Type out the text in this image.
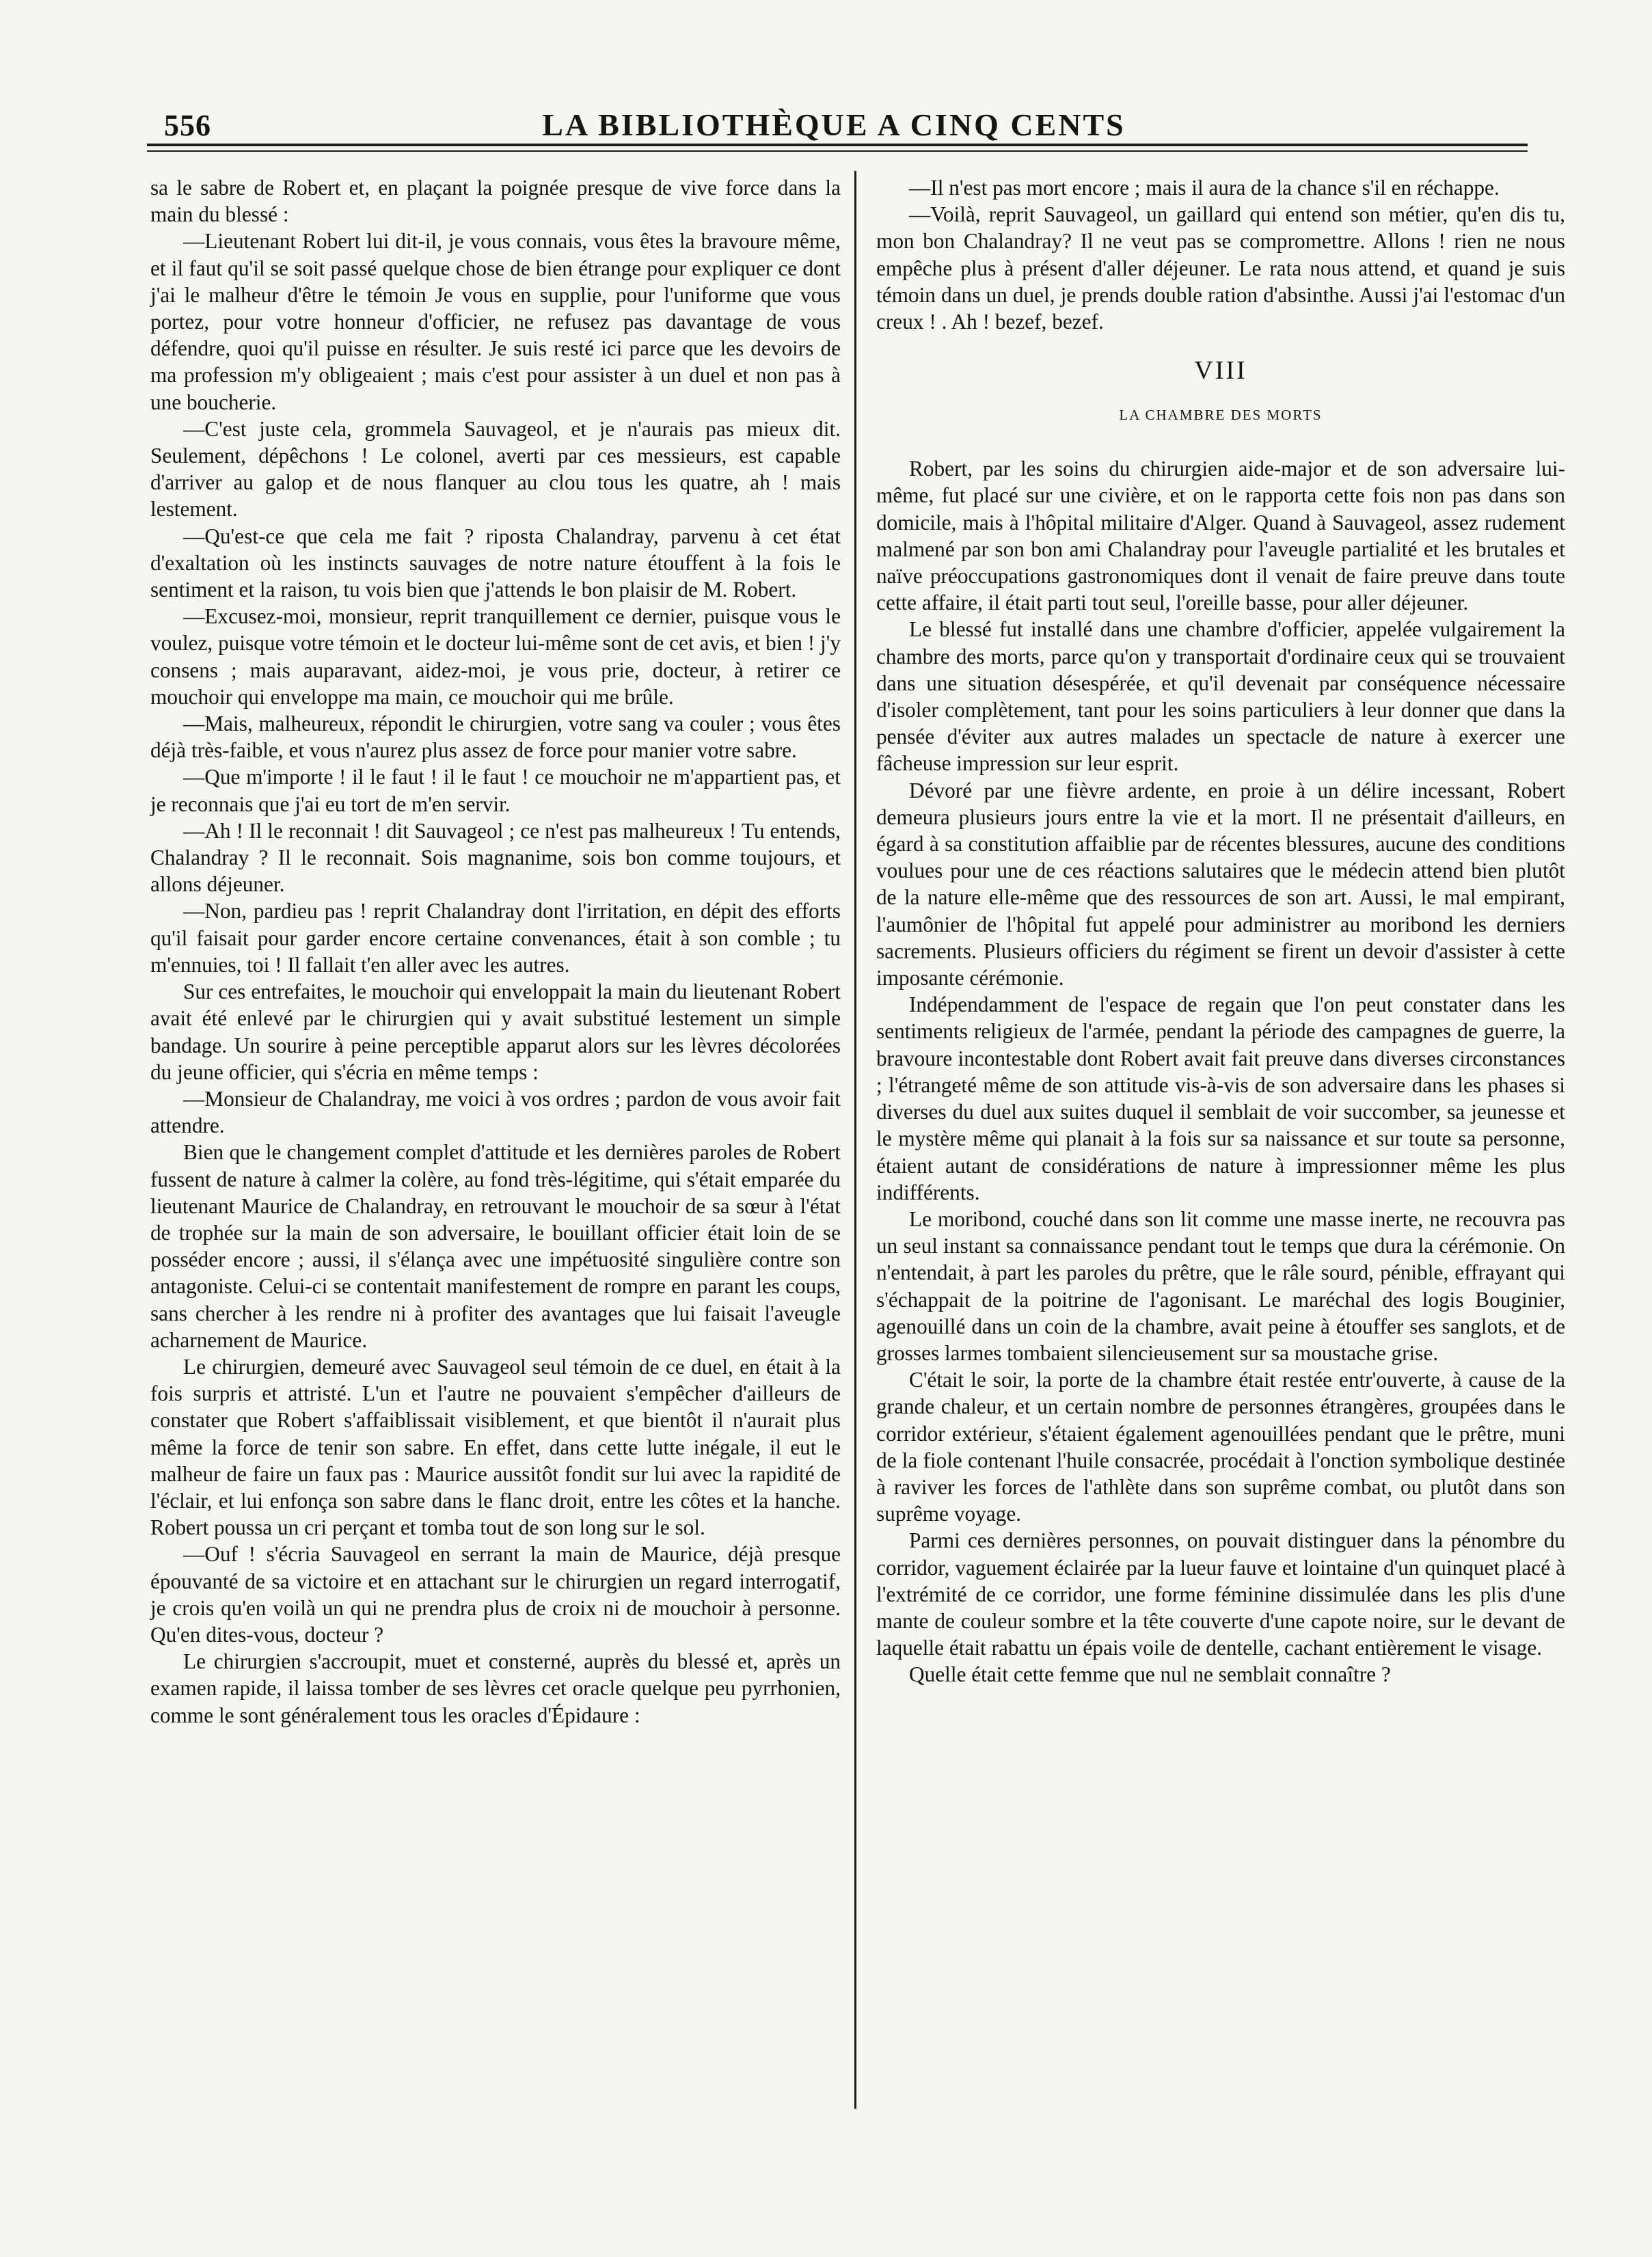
556	LA BIBLIOTHÈQUE A CINQ CENTS

sa le sabre de Robert et, en plaçant la poignée presque de vive force dans la main du blessé :

—Lieutenant Robert lui dit-il, je vous connais, vous êtes la bravoure même, et il faut qu'il se soit passé quelque chose de bien étrange pour expliquer ce dont j'ai le malheur d'être le témoin Je vous en supplie, pour l'uniforme que vous portez, pour votre honneur d'officier, ne refusez pas davantage de vous défendre, quoi qu'il puisse en résulter. Je suis resté ici parce que les devoirs de ma profession m'y obligeaient ; mais c'est pour assister à un duel et non pas à une boucherie.

—C'est juste cela, grommela Sauvageol, et je n'aurais pas mieux dit. Seulement, dépêchons ! Le colonel, averti par ces messieurs, est capable d'arriver au galop et de nous flanquer au clou tous les quatre, ah ! mais lestement.

—Qu'est-ce que cela me fait ? riposta Chalandray, parvenu à cet état d'exaltation où les instincts sauvages de notre nature étouffent à la fois le sentiment et la raison, tu vois bien que j'attends le bon plaisir de M. Robert.

—Excusez-moi, monsieur, reprit tranquillement ce dernier, puisque vous le voulez, puisque votre témoin et le docteur lui-même sont de cet avis, et bien ! j'y consens ; mais auparavant, aidez-moi, je vous prie, docteur, à retirer ce mouchoir qui enveloppe ma main, ce mouchoir qui me brûle.

—Mais, malheureux, répondit le chirurgien, votre sang va couler ; vous êtes déjà très-faible, et vous n'aurez plus assez de force pour manier votre sabre.

—Que m'importe ! il le faut ! il le faut ! ce mouchoir ne m'appartient pas, et je reconnais que j'ai eu tort de m'en servir.

—Ah ! Il le reconnait ! dit Sauvageol ; ce n'est pas malheureux ! Tu entends, Chalandray ? Il le reconnait. Sois magnanime, sois bon comme toujours, et allons déjeuner.

—Non, pardieu pas ! reprit Chalandray dont l'irritation, en dépit des efforts qu'il faisait pour garder encore certaine convenances, était à son comble ; tu m'ennuies, toi ! Il fallait t'en aller avec les autres.

Sur ces entrefaites, le mouchoir qui enveloppait la main du lieutenant Robert avait été enlevé par le chirurgien qui y avait substitué lestement un simple bandage. Un sourire à peine perceptible apparut alors sur les lèvres décolorées du jeune officier, qui s'écria en même temps :

—Monsieur de Chalandray, me voici à vos ordres ; pardon de vous avoir fait attendre.

Bien que le changement complet d'attitude et les dernières paroles de Robert fussent de nature à calmer la colère, au fond très-légitime, qui s'était emparée du lieutenant Maurice de Chalandray, en retrouvant le mouchoir de sa sœur à l'état de trophée sur la main de son adversaire, le bouillant officier était loin de se posséder encore ; aussi, il s'élança avec une impétuosité singulière contre son antagoniste. Celui-ci se contentait manifestement de rompre en parant les coups, sans chercher à les rendre ni à profiter des avantages que lui faisait l'aveugle acharnement de Maurice.

Le chirurgien, demeuré avec Sauvageol seul témoin de ce duel, en était à la fois surpris et attristé. L'un et l'autre ne pouvaient s'empêcher d'ailleurs de constater que Robert s'affaiblissait visiblement, et que bientôt il n'aurait plus même la force de tenir son sabre. En effet, dans cette lutte inégale, il eut le malheur de faire un faux pas : Maurice aussitôt fondit sur lui avec la rapidité de l'éclair, et lui enfonça son sabre dans le flanc droit, entre les côtes et la hanche. Robert poussa un cri perçant et tomba tout de son long sur le sol.

—Ouf ! s'écria Sauvageol en serrant la main de Maurice, déjà presque épouvanté de sa victoire et en attachant sur le chirurgien un regard interrogatif, je crois qu'en voilà un qui ne prendra plus de croix ni de mouchoir à personne. Qu'en dites-vous, docteur ?

Le chirurgien s'accroupit, muet et consterné, auprès du blessé et, après un examen rapide, il laissa tomber de ses lèvres cet oracle quelque peu pyrrhonien, comme le sont généralement tous les oracles d'Épidaure :

—Il n'est pas mort encore ; mais il aura de la chance s'il en réchappe.

—Voilà, reprit Sauvageol, un gaillard qui entend son métier, qu'en dis tu, mon bon Chalandray? Il ne veut pas se compromettre. Allons ! rien ne nous empêche plus à présent d'aller déjeuner. Le rata nous attend, et quand je suis témoin dans un duel, je prends double ration d'absinthe. Aussi j'ai l'estomac d'un creux ! . Ah ! bezef, bezef.

VIII
LA CHAMBRE DES MORTS

Robert, par les soins du chirurgien aide-major et de son adversaire lui-même, fut placé sur une civière, et on le rapporta cette fois non pas dans son domicile, mais à l'hôpital militaire d'Alger. Quand à Sauvageol, assez rudement malmené par son bon ami Chalandray pour l'aveugle partialité et les brutales et naïve préoccupations gastronomiques dont il venait de faire preuve dans toute cette affaire, il était parti tout seul, l'oreille basse, pour aller déjeuner.

Le blessé fut installé dans une chambre d'officier, appelée vulgairement la chambre des morts, parce qu'on y transportait d'ordinaire ceux qui se trouvaient dans une situation désespérée, et qu'il devenait par conséquence nécessaire d'isoler complètement, tant pour les soins particuliers à leur donner que dans la pensée d'éviter aux autres malades un spectacle de nature à exercer une fâcheuse impression sur leur esprit.

Dévoré par une fièvre ardente, en proie à un délire incessant, Robert demeura plusieurs jours entre la vie et la mort. Il ne présentait d'ailleurs, en égard à sa constitution affaiblie par de récentes blessures, aucune des conditions voulues pour une de ces réactions salutaires que le médecin attend bien plutôt de la nature elle-même que des ressources de son art. Aussi, le mal empirant, l'aumônier de l'hôpital fut appelé pour administrer au moribond les derniers sacrements. Plusieurs officiers du régiment se firent un devoir d'assister à cette imposante cérémonie.

Indépendamment de l'espace de regain que l'on peut constater dans les sentiments religieux de l'armée, pendant la période des campagnes de guerre, la bravoure incontestable dont Robert avait fait preuve dans diverses circonstances ; l'étrangeté même de son attitude vis-à-vis de son adversaire dans les phases si diverses du duel aux suites duquel il semblait de voir succomber, sa jeunesse et le mystère même qui planait à la fois sur sa naissance et sur toute sa personne, étaient autant de considérations de nature à impressionner même les plus indifférents.

Le moribond, couché dans son lit comme une masse inerte, ne recouvra pas un seul instant sa connaissance pendant tout le temps que dura la cérémonie. On n'entendait, à part les paroles du prêtre, que le râle sourd, pénible, effrayant qui s'échappait de la poitrine de l'agonisant. Le maréchal des logis Bouginier, agenouillé dans un coin de la chambre, avait peine à étouffer ses sanglots, et de grosses larmes tombaient silencieusement sur sa moustache grise.

C'était le soir, la porte de la chambre était restée entr'ouverte, à cause de la grande chaleur, et un certain nombre de personnes étrangères, groupées dans le corridor extérieur, s'étaient également agenouillées pendant que le prêtre, muni de la fiole contenant l'huile consacrée, procédait à l'onction symbolique destinée à raviver les forces de l'athlète dans son suprême combat, ou plutôt dans son suprême voyage.

Parmi ces dernières personnes, on pouvait distinguer dans la pénombre du corridor, vaguement éclairée par la lueur fauve et lointaine d'un quinquet placé à l'extrémité de ce corridor, une forme féminine dissimulée dans les plis d'une mante de couleur sombre et la tête couverte d'une capote noire, sur le devant de laquelle était rabattu un épais voile de dentelle, cachant entièrement le visage.

Quelle était cette femme que nul ne semblait connaître ?
